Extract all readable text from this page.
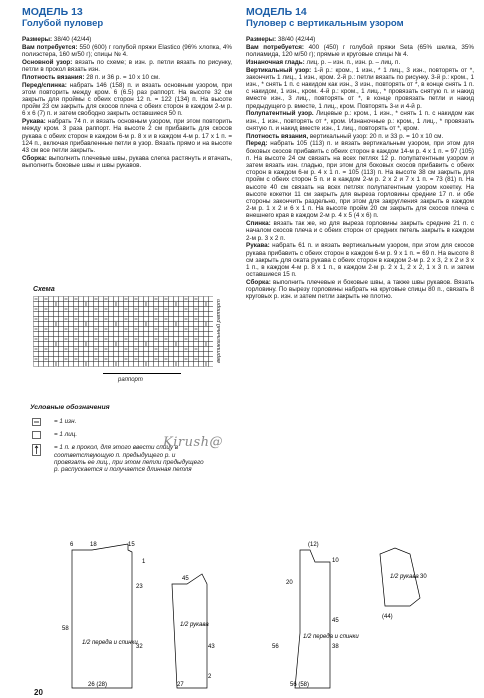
МОДЕЛЬ 13

Голубой пуловер

Размеры: 38/40 (42/44)

Вам потребуется: 550 (600) г голубой пряжи Elastico (96% хлопка, 4% полиэстера, 160 м/50 г); спицы № 4.

Основной узор: вязать по схеме; в изн. р. петли вязать по рисунку, петли в прокол вязать изн.

Плотность вязания: 28 п. и 36 р. = 10 х 10 см.

Перед/спинка: набрать 146 (158) п. и вязать основным узором, при этом повторить между кром. 6 (6.5) раз раппорт. На высоте 32 см закрыть для проймы с обеих сторон 12 п. = 122 (134) п. На высоте пройм 23 см закрыть для скосов плеча с обеих сторон в каждом 2-м р. 6 х 6 (7) п. и затем свободно закрыть оставшиеся 50 п.

Рукава: набрать 74 п. и вязать основным узором, при этом повторить между кром. 3 раза раппорт. На высоте 2 см прибавить для скосов рукава с обеих сторон в каждом 6-м р. 8 х и в каждом 4-м р. 17 х 1 п. = 124 п., включая прибавленные петли в узор. Вязать прямо и на высоте 43 см все петли закрыть.

Сборка: выполнить плечевые швы, рукава слегка растянуть и втачать, выполнить боковые швы и швы рукавов.

МОДЕЛЬ 14

Пуловер с вертикальным узором

Размеры: 38/40 (42/44)

Вам потребуется: 400 (450) г голубой пряжи Seta (65% шелка, 35% полиамида, 120 м/50 г); прямые и круговые спицы № 4.

Изнаночная гладь: лиц. р. – изн. п., изн. р. – лиц. п.

Вертикальный узор: 1-й р.: кром., 1 изн., * 1 лиц., 3 изн., повторять от *, закончить 1 лиц., 1 изн., кром. 2-й р.: петли вязать по рисунку. 3-й р.: кром., 1 изн., * снять 1 п. с накидом как изн., 3 изн., повторять от *, в конце снять 1 п. с накидом, 1 изн., кром. 4-й р.: кром., 1 лиц., * провязать снятую п. и накид вместе изн., 3 лиц., повторять от *, в конце провязать петли и накид предыдущего р. вместе, 1 лиц., кром. Повторять 3-и и 4-й р.

Полупатентный узор. Лицевые р.: кром., 1 изн., * снять 1 п. с накидом как изн., 1 изн., повторять от *, кром. Изнаночные р.: кром., 1 лиц., * провязать снятую п. и накид вместе изн., 1 лиц., повторять от *, кром.

Плотность вязания, вертикальный узор: 20 п. и 33 р. = 10 х 10 см.

Перед: набрать 105 (113) п. и вязать вертикальным узором, при этом для боковых скосов прибавить с обеих сторон в каждом 14-м р. 4 х 1 п. = 97 (105) п. На высоте 24 см связать на всех петлях 12 р. полупатентным узором и затем вязать изн. гладью, при этом для боковых скосов прибавить с обеих сторон в каждом 6-м р. 4 х 1 п. = 105 (113) п. На высоте 38 см закрыть для пройм с обеих сторон 5 п. и в каждом 2-м р. 2 х 2 и 7 х 1 п. = 73 (81) п. На высоте 40 см связать на всех петлях полупатентным узором кокетку. На высоте кокетки 11 см закрыть для выреза горловины средние 17 п. и обе стороны закончить раздельно, при этом для закругления закрыть в каждом 2-м р. 1 х 2 и 6 х 1 п. На высоте пройм 20 см закрыть для скосов плеча с внешнего края в каждом 2-м р. 4 х 5 (4 х 6) п.

Спинка: вязать так же, но для выреза горловины закрыть средние 21 п. с началом скосов плеча и с обеих сторон от средних петель закрыть в каждом 2-м р. 3 х 2 п.

Рукава: набрать 61 п. и вязать вертикальным узором, при этом для скосов рукава прибавить с обеих сторон в каждом 6-м р. 9 х 1 п. = 69 п. На высоте 8 см закрыть для оката рукава с обеих сторон в каждом 2-м р. 2 х 3, 2 х 2 и 3 х 1 п., в каждом 4-м р. 8 х 1 п., в каждом 2-м р. 2 х 1, 2 х 2, 1 х 3 п. и затем оставшиеся 15 п.

Сборка: выполнить плечевые и боковые швы, а также швы рукавов. Вязать горловину. По вырезу горловины набрать на круговые спицы 80 п., связать 8 круговых р. изн. и затем петли закрыть не плотно.

Схема
вертикальный раппорт
раппорт
Условные обозначения
= 1 изн.
= 1 лиц.
= 1 п. в прокол, для этого ввести спицу в соответствующую п. предыдущего р. и провязать ее лиц., при этом петли предыдущего р. распускается и получается длинная петля
Kirush@
6	18	15
1
23
58
32
26 (28)
43
2
45
27
1/2 переда и спинки
1/2 рукава
(12)
10
20
45
38
56
56 (58)
30
(44)
1/2 переда и спинки
1/2 рукава
20
